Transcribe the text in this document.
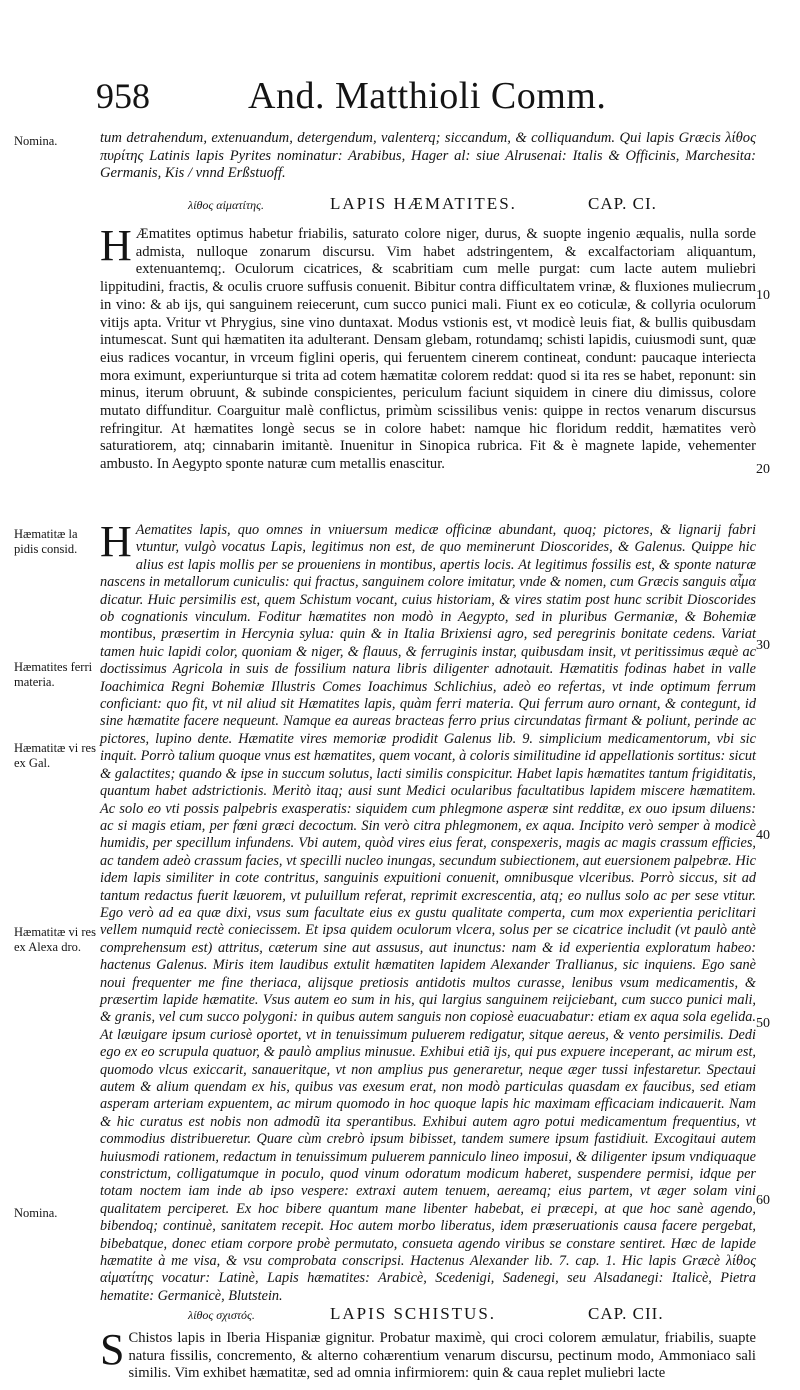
958	And. Matthioli Comm.
Nomina.
Hæmatitæ la pidis consid.
Hæmatites ferri materia.
Hæmatitæ vi res ex Gal.
Hæmatitæ vi res ex Alexa dro.
Nomina.
10
20
30
40
50
60

tum detrahendum, extenuandum, detergendum, valenterq; siccandum, & colliquandum. Qui lapis Græcis λίθος πυρίτης Latinis lapis Pyrites nominatur: Arabibus, Hager al: siue Alrusenai: Italis & Officinis, Marchesita: Germanis, Kis / vnnd Erßstuoff.

λίθος αἱματίτης.	LAPIS HÆMATITES.	CAP. CI.

H Æmatites optimus habetur friabilis, saturato colore niger, durus, & suopte ingenio æqualis, nulla sorde admista, nulloque zonarum discursu. Vim habet adstringentem, & excalfactoriam aliquantum, extenuantemq;. Oculorum cicatrices, & scabritiam cum melle purgat: cum lacte autem muliebri lippitudini, fractis, & oculis cruore suffusis conuenit. Bibitur contra difficultatem vrinæ, & fluxiones muliecrum in vino: & ab ijs, qui sanguinem reiecerunt, cum succo punici mali. Fiunt ex eo coticulæ, & collyria oculorum vitijs apta. Vritur vt Phrygius, sine vino duntaxat. Modus vstionis est, vt modicè leuis fiat, & bullis quibusdam intumescat. Sunt qui hæmatiten ita adulterant. Densam glebam, rotundamq; schisti lapidis, cuiusmodi sunt, quæ eius radices vocantur, in vrceum figlini operis, qui feruentem cinerem contineat, condunt: paucaque interiecta mora eximunt, experiunturque si trita ad cotem hæmatitæ colorem reddat: quod si ita res se habet, reponunt: sin minus, iterum obruunt, & subinde conspicientes, periculum faciunt siquidem in cinere diu dimissus, colore mutato diffunditur. Coarguitur malè conflictus, primùm scissilibus venis: quippe in rectos venarum discursus refringitur. At hæmatites longè secus se in colore habet: namque hic floridum reddit, hæmatites verò saturatiorem, atq; cinnabarin imitantè. Inuenitur in Sinopica rubrica. Fit & è magnete lapide, vehementer ambusto. In Aegypto sponte naturæ cum metallis enascitur.

H Aematites lapis, quo omnes in vniuersum medicæ officinæ abundant, quoq; pictores, & lignarij fabri vtuntur, vulgò vocatus Lapis, legitimus non est, de quo meminerunt Dioscorides, & Galenus. Quippe hic alius est lapis mollis per se proueniens in montibus, apertis locis. At legitimus fossilis est, & sponte naturæ nascens in metallorum cuniculis: qui fractus, sanguinem colore imitatur, vnde & nomen, cum Græcis sanguis αἷμα dicatur. Huic persimilis est, quem Schistum vocant, cuius historiam, & vires statim post hunc scribit Dioscorides ob cognationis vinculum. Foditur hæmatites non modò in Aegypto, sed in pluribus Germaniæ, & Bohemiæ montibus, præsertim in Hercynia sylua: quin & in Italia Brixiensi agro, sed peregrinis bonitate cedens. Variat tamen huic lapidi color, quoniam & niger, & flauus, & ferruginis instar, quibusdam insit, vt peritissimus æquè ac doctissimus Agricola in suis de fossilium natura libris diligenter adnotauit. Hæmatitis fodinas habet in valle Ioachimica Regni Bohemiæ Illustris Comes Ioachimus Schlichius, adeò eo refertas, vt inde optimum ferrum conficiant: quo fit, vt nil aliud sit Hæmatites lapis, quàm ferri materia. Qui ferrum auro ornant, & contegunt, id sine hæmatite facere nequeunt. Namque ea aureas bracteas ferro prius circundatas firmant & poliunt, perinde ac pictores, lupino dente. Hæmatite vires memoriæ prodidit Galenus lib. 9. simplicium medicamentorum, vbi sic inquit. Porrò talium quoque vnus est hæmatites, quem vocant, à coloris similitudine id appellationis sortitus: sicut & galactites; quando & ipse in succum solutus, lacti similis conspicitur. Habet lapis hæmatites tantum frigiditatis, quantum habet adstrictionis. Meritò itaq; ausi sunt Medici ocularibus facultatibus lapidem miscere hæmatitem. Ac solo eo vti possis palpebris exasperatis: siquidem cum phlegmone asperæ sint redditæ, ex ouo ipsum diluens: ac si magis etiam, per fœni græci decoctum. Sin verò citra phlegmonem, ex aqua. Incipito verò semper à modicè humidis, per specillum infundens. Vbi autem, quòd vires eius ferat, conspexeris, magis ac magis crassum efficies, ac tandem adeò crassum facies, vt specilli nucleo inungas, secundum subiectionem, aut euersionem palpebræ. Hic idem lapis similiter in cote contritus, sanguinis expuitioni conuenit, omnibusque vlceribus. Porrò siccus, sit ad tantum redactus fuerit læuorem, vt puluillum referat, reprimit excrescentia, atq; eo nullus solo ac per sese vtitur. Ego verò ad ea quæ dixi, vsus sum facultate eius ex gustu qualitate comperta, cum mox experientia periclitari vellem numquid rectè coniecissem. Et ipsa quidem oculorum vlcera, solus per se cicatrice includit (vt paulò antè comprehensum est) attritus, cæterum sine aut assusus, aut inunctus: nam & id experientia exploratum habeo: hactenus Galenus. Miris item laudibus extulit hæmatiten lapidem Alexander Trallianus, sic inquiens. Ego sanè noui frequenter me fine theriaca, alijsque pretiosis antidotis multos curasse, lenibus vsum medicamentis, & præsertim lapide hæmatite. Vsus autem eo sum in his, qui largius sanguinem reijciebant, cum succo punici mali, & granis, vel cum succo polygoni: in quibus autem sanguis non copiosè euacuabatur: etiam ex aqua sola egelida. At læuigare ipsum curiosè oportet, vt in tenuissimum puluerem redigatur, sitque aereus, & vento persimilis. Dedi ego ex eo scrupula quatuor, & paulò amplius minusue. Exhibui etiã ijs, qui pus expuere inceperant, ac mirum est, quomodo vlcus exiccarit, sanaueritque, vt non amplius pus generaretur, neque æger tussi infestaretur. Spectaui autem & alium quendam ex his, quibus vas exesum erat, non modò particulas quasdam ex faucibus, sed etiam asperam arteriam expuentem, ac mirum quomodo in hoc quoque lapis hic maximam efficaciam indicauerit. Nam & hic curatus est nobis non admodũ ita sperantibus. Exhibui autem agro potui medicamentum frequentius, vt commodius distribueretur. Quare cùm crebrò ipsum bibisset, tandem sumere ipsum fastidiuit. Excogitaui autem huiusmodi rationem, redactum in tenuissimum puluerem panniculo lineo imposui, & diligenter ipsum vndiquaque constrictum, colligatumque in poculo, quod vinum odoratum modicum haberet, suspendere permisi, idque per totam noctem iam inde ab ipso vespere: extraxi autem tenuem, aereamq; eius partem, vt æger solam vini qualitatem perciperet. Ex hoc bibere quantum mane libenter habebat, ei præcepi, at que hoc sanè agendo, bibendoq; continuè, sanitatem recepit. Hoc autem morbo liberatus, idem præseruationis causa facere pergebat, bibebatque, donec etiam corpore probè permutato, consueta agendo viribus se constare sentiret. Hæc de lapide hæmatite à me visa, & vsu comprobata conscripsi. Hactenus Alexander lib. 7. cap. 1. Hic lapis Græcè λίθος αἱματίτης vocatur: Latinè, Lapis hæmatites: Arabicè, Scedenigi, Sadenegi, seu Alsadanegi: Italicè, Pietra hematite: Germanicè, Blutstein.

λίθος σχιστός.	LAPIS SCHISTUS.	CAP. CII.

S Chistos lapis in Iberia Hispaniæ gignitur. Probatur maximè, qui croci colorem æmulatur, friabilis, suapte natura fissilis, concremento, & alterno cohærentium venarum discursu, pectinum modo, Ammoniaco sali similis. Vim exhibet hæmatitæ, sed ad omnia infirmiorem: quin & caua replet muliebri lacte
